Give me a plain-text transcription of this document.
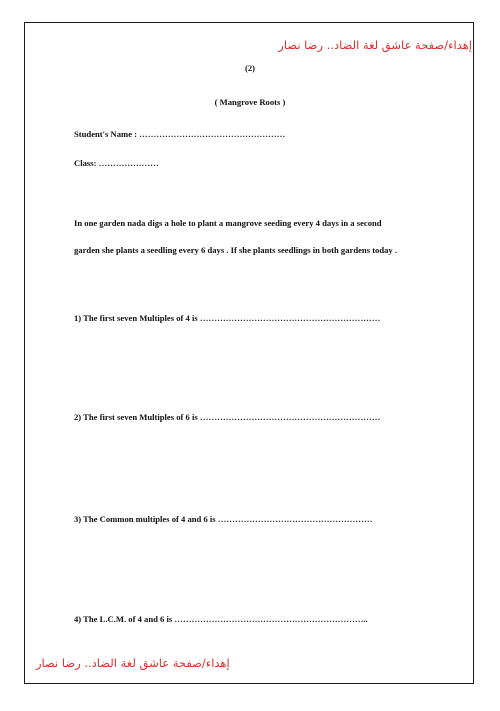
إهداء/صفحة عاشق لغة الضاد.. رضا نصار
(2)
( Mangrove Roots )
Student's Name : ……………………………………………
Class: …………………
In one garden nada digs a hole to plant a mangrove seeding every 4 days in a second
garden she plants a seedling every 6 days . If she plants seedlings in both gardens today .
1) The first seven Multiples of 4 is ………………………………………………………
2) The first seven Multiples of 6 is ………………………………………………………
3) The Common multiples of 4 and 6 is ………………………………………………
4) The L.C.M. of 4 and 6 is …………………………………………………………..
إهداء/صفحة عاشق لغة الضاد.. رضا نصار
